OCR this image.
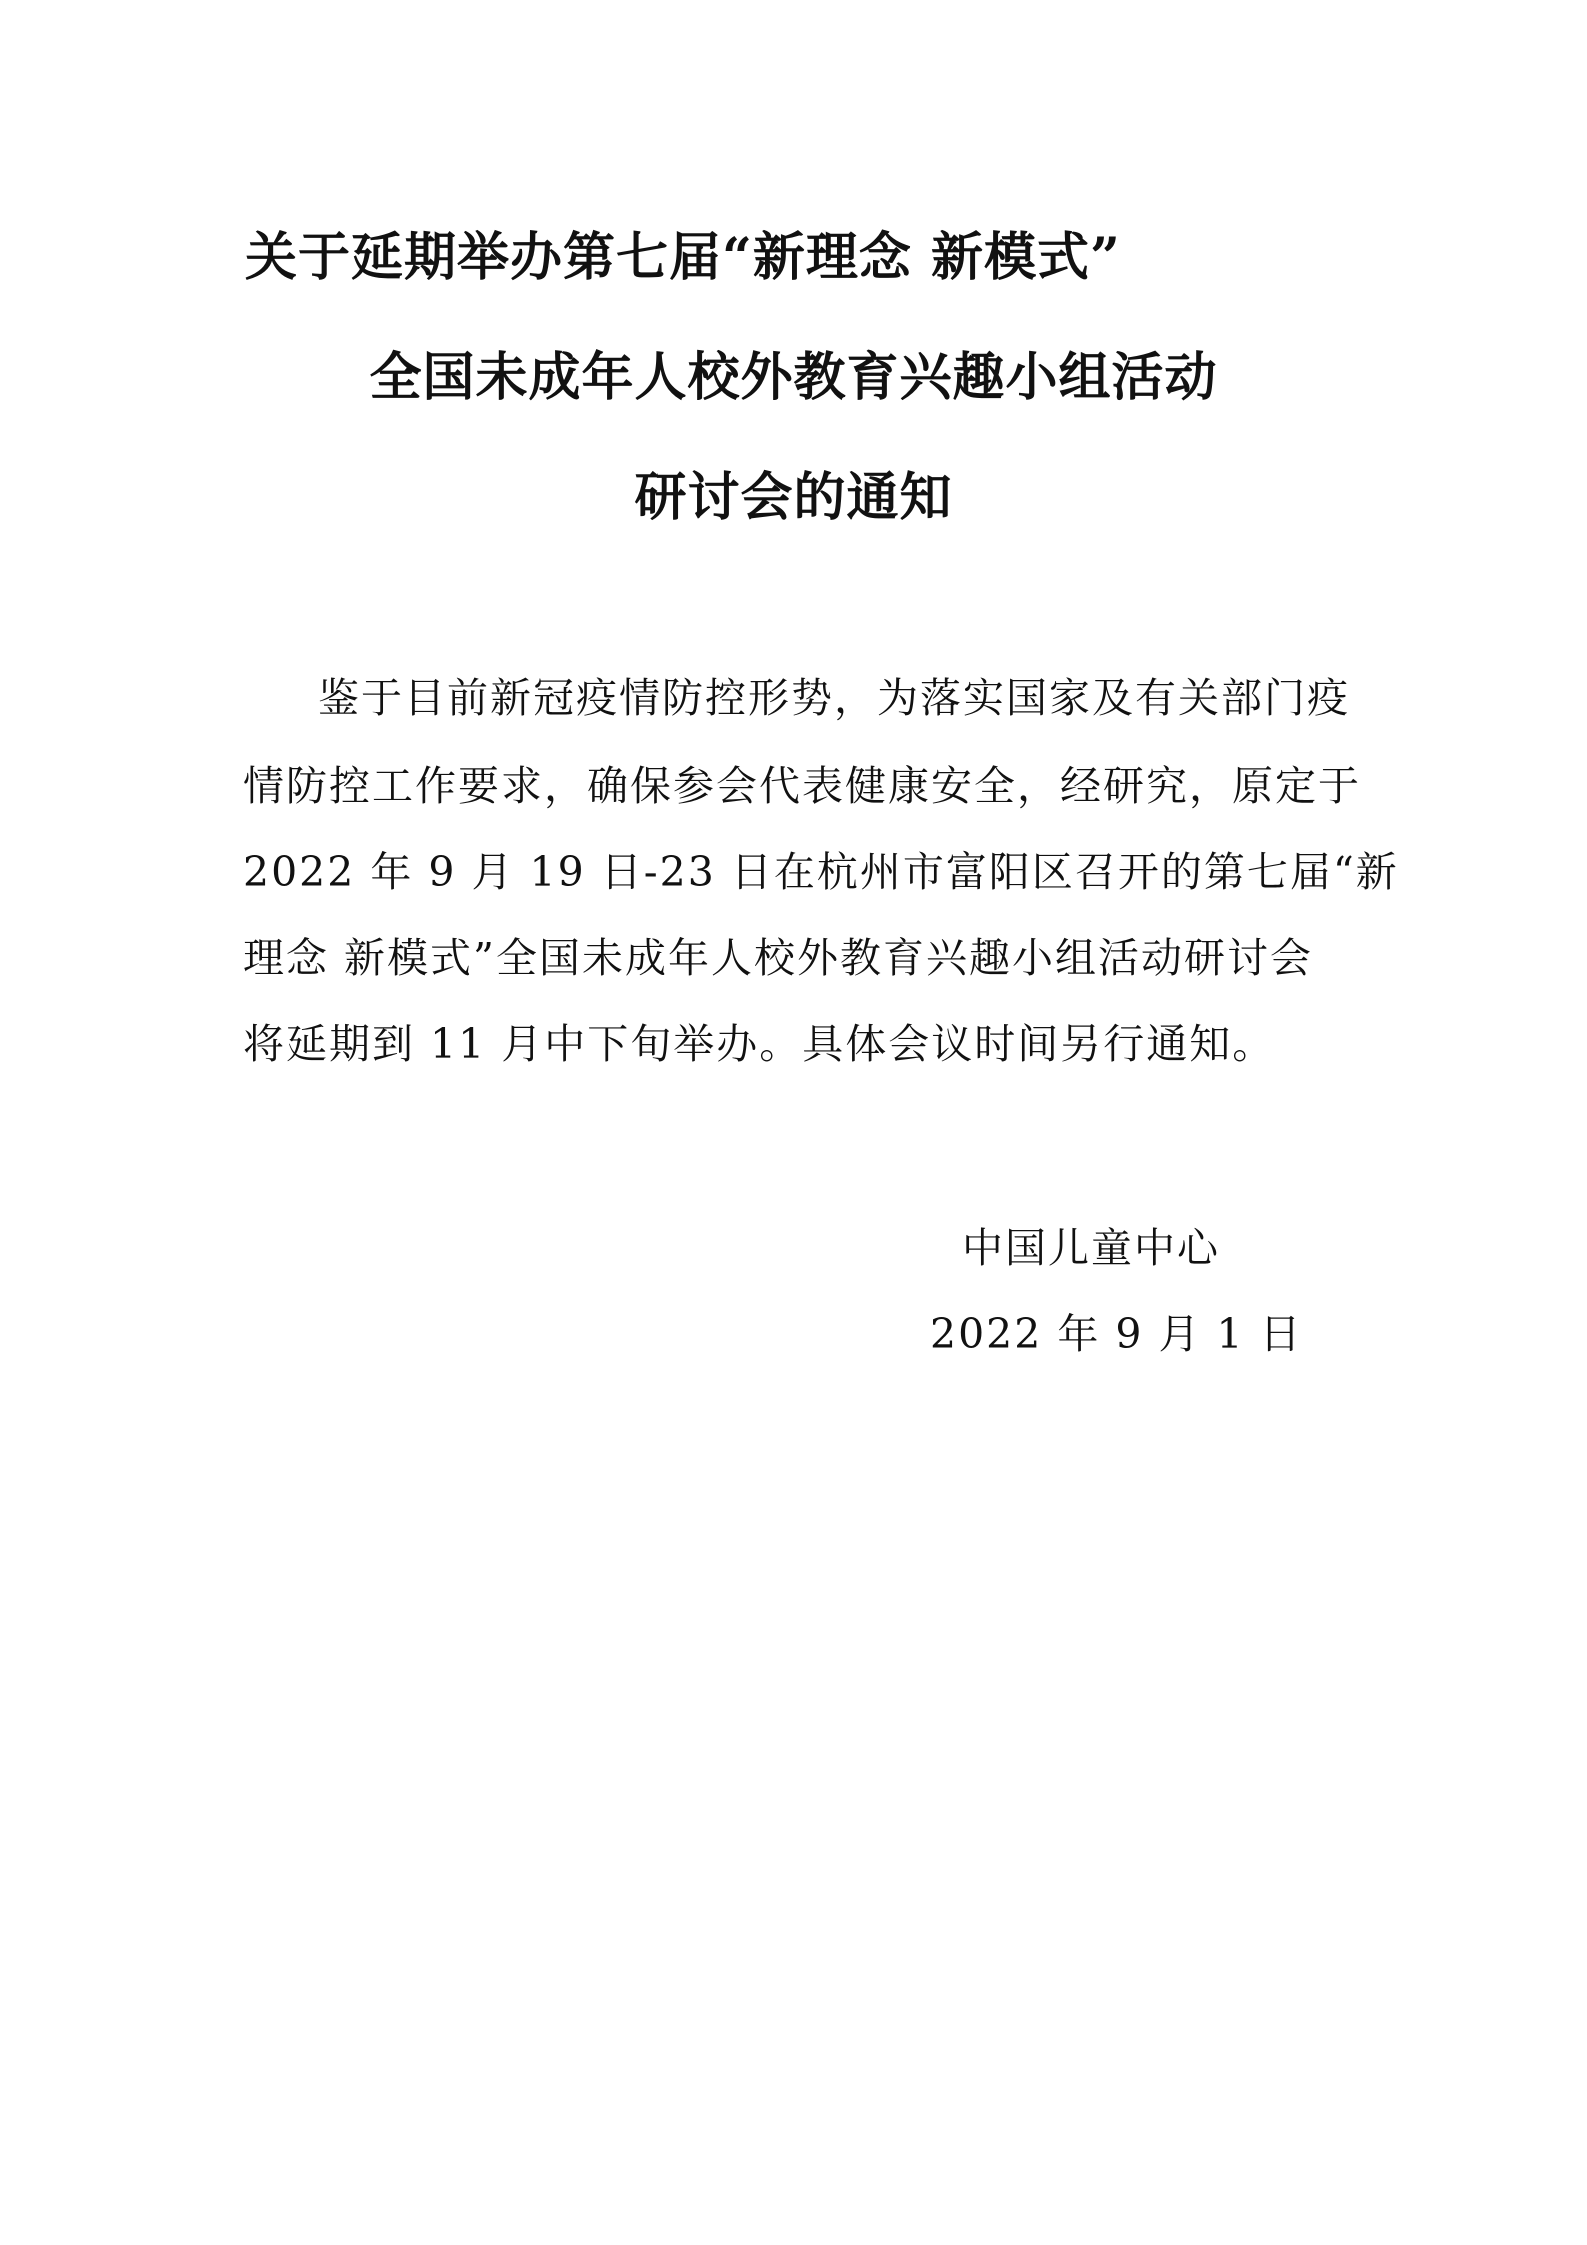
关于延期举办第七届“新理念 新模式”
全国未成年人校外教育兴趣小组活动
研讨会的通知
鉴于目前新冠疫情防控形势，为落实国家及有关部门疫
情防控工作要求，确保参会代表健康安全，经研究，原定于
2022 年 9 月 19 日-23 日在杭州市富阳区召开的第七届“新
理念 新模式”全国未成年人校外教育兴趣小组活动研讨会
将延期到 11 月中下旬举办。具体会议时间另行通知。
中国儿童中心
2022 年 9 月 1 日
